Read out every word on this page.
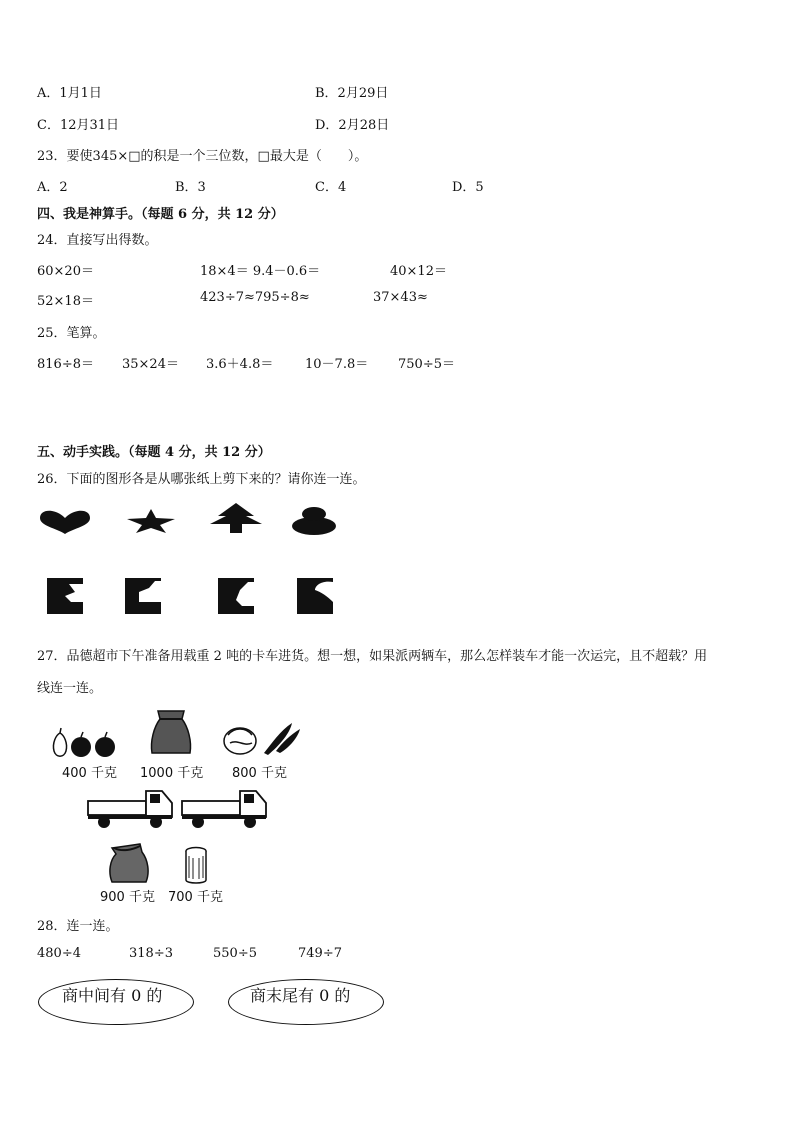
A．1月1日	B．2月29日
C．12月31日	D．2月28日
23．要使345×□的积是一个三位数，□最大是（　　）。
A．2	B．3	C．4	D．5
四、我是神算手。（每题 6 分，共 12 分）
24．直接写出得数。
60×20＝	18×4＝ 9.4－0.6＝	40×12＝
52×18＝	423÷7≈795÷8≈	37×43≈
25．笔算。
816÷8＝ 35×24＝ 3.6＋4.8＝ 10－7.8＝ 750÷5＝
五、动手实践。（每题 4 分，共 12 分）
26．下面的图形各是从哪张纸上剪下来的？请你连一连。
27．品德超市下午准备用载重 2 吨的卡车进货。想一想，如果派两辆车，那么怎样装车才能一次运完，且不超载？用
线连一连。
400 千克 1000 千克 800 千克
900 千克 700 千克
28．连一连。
480÷4	318÷3	550÷5	749÷7
商中间有 0 的	商末尾有 0 的
